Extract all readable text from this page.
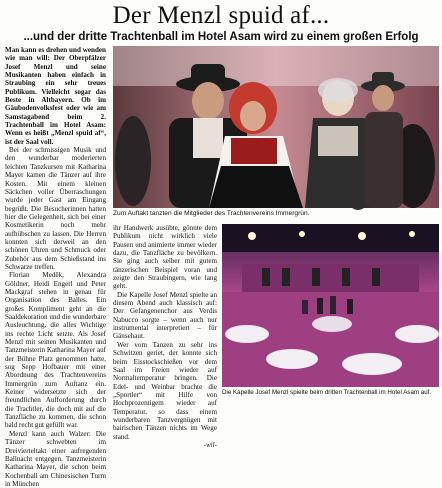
Der Menzl spuid af...
...und der dritte Trachtenball im Hotel Asam wird zu einem großen Erfolg

Man kann es drehen und wenden wie man will: Der Oberpfälzer Josef Menzl und seine Musikanten haben einfach in Straubing ein sehr treues Publikum. Vielleicht sogar das Beste in Altbayern. Ob im Gäubodenvolksfest oder wie am Samstagabend beim 2. Trachtenball im Hotel Asam: Wenn es heißt „Menzl spuid af“, ist der Saal voll.

Bei der schmissigen Musik und den wunderbar moderierten leichten Tanzkursen mit Katharina Mayer kamen die Tänzer auf ihre Kosten. Mit einem kleinen Säckchen voller Überraschungen wurde jeder Gast am Eingang begrüßt. Die Besucherinnen hatten hier die Gelegenheit, sich bei einer Kosmetikerin noch mehr aufhübschen zu lassen. Die Herren konnten sich derweil an den schönen Uhren und Schmuck oder Zubehör aus dem Schießstand ins Schwarze treffen.

Florian Meděk, Alexandra Göldner, Heidi Engerl und Peter Mackgraf stehen in genau für Organisation des Balles. Ein großes Kompliment geht an die Saaldekoration und die wunderbare Ausleuchtung, die alles Wichtige ins rechte Licht setzte. Als Josef Menzl mit seinen Musikanten und Tanzmeisterin Katharina Mayer auf der Bühne Platz genommen hatte, sog Sepp Hofbauer mit einer Abordnung des Trachtenvereins Immergrün zum Auftanz ein. Keiner widersetzte sich der freundlichen Aufforderung durch die Trachtler, die doch mit auf die Tanzfläche zu kommen, die schon bald recht gut gefüllt war.

Menzl kann auch Walzer: Die Tänzer schwebten im Dreivierteltakt einer aufregenden Ballnacht entgegen. Tanzmeisterin Katharina Mayer, die schon beim Kochenball am Chinesischen Turm in München

Zum Auftakt tanzten die Mitglieder des Trachtenvereins Immergrün.

ihr Handwerk ausübte, gönnte dem Publikum nicht wirklich viele Pausen und animierte immer wieder dazu, die Tanzfläche zu bevölkern. Sie ging auch selber mit gutem tänzerischen Beispiel voran und zeigte den Straubingern, wie lang geht.

Die Kapelle Josef Menzl spielte an diesem Abend auch klassisch auf: Der Gefangenenchor aus Verdis Nabucco sorgte – wenn auch nur instrumental interpretiert – für Gänsehaut.

Wer vom Tanzen zu sehr ins Schwitzen geriet, der konnte sich beim Eisstockschießen vor dem Saal im Freien wieder auf Normaltemperatur bringen. Die Edel- und Weinbar brachte die „Sportler“ mit Hilfe von Hochprozentigem wieder auf Temperatur, so dass einem wunderbaren Tanzvergnügen mit bairischen Tänzen nichts im Wege stand.

-wil-

Die Kapelle Josef Menzl spielte beim dritten Trachtenball im Hotel Asam auf.
